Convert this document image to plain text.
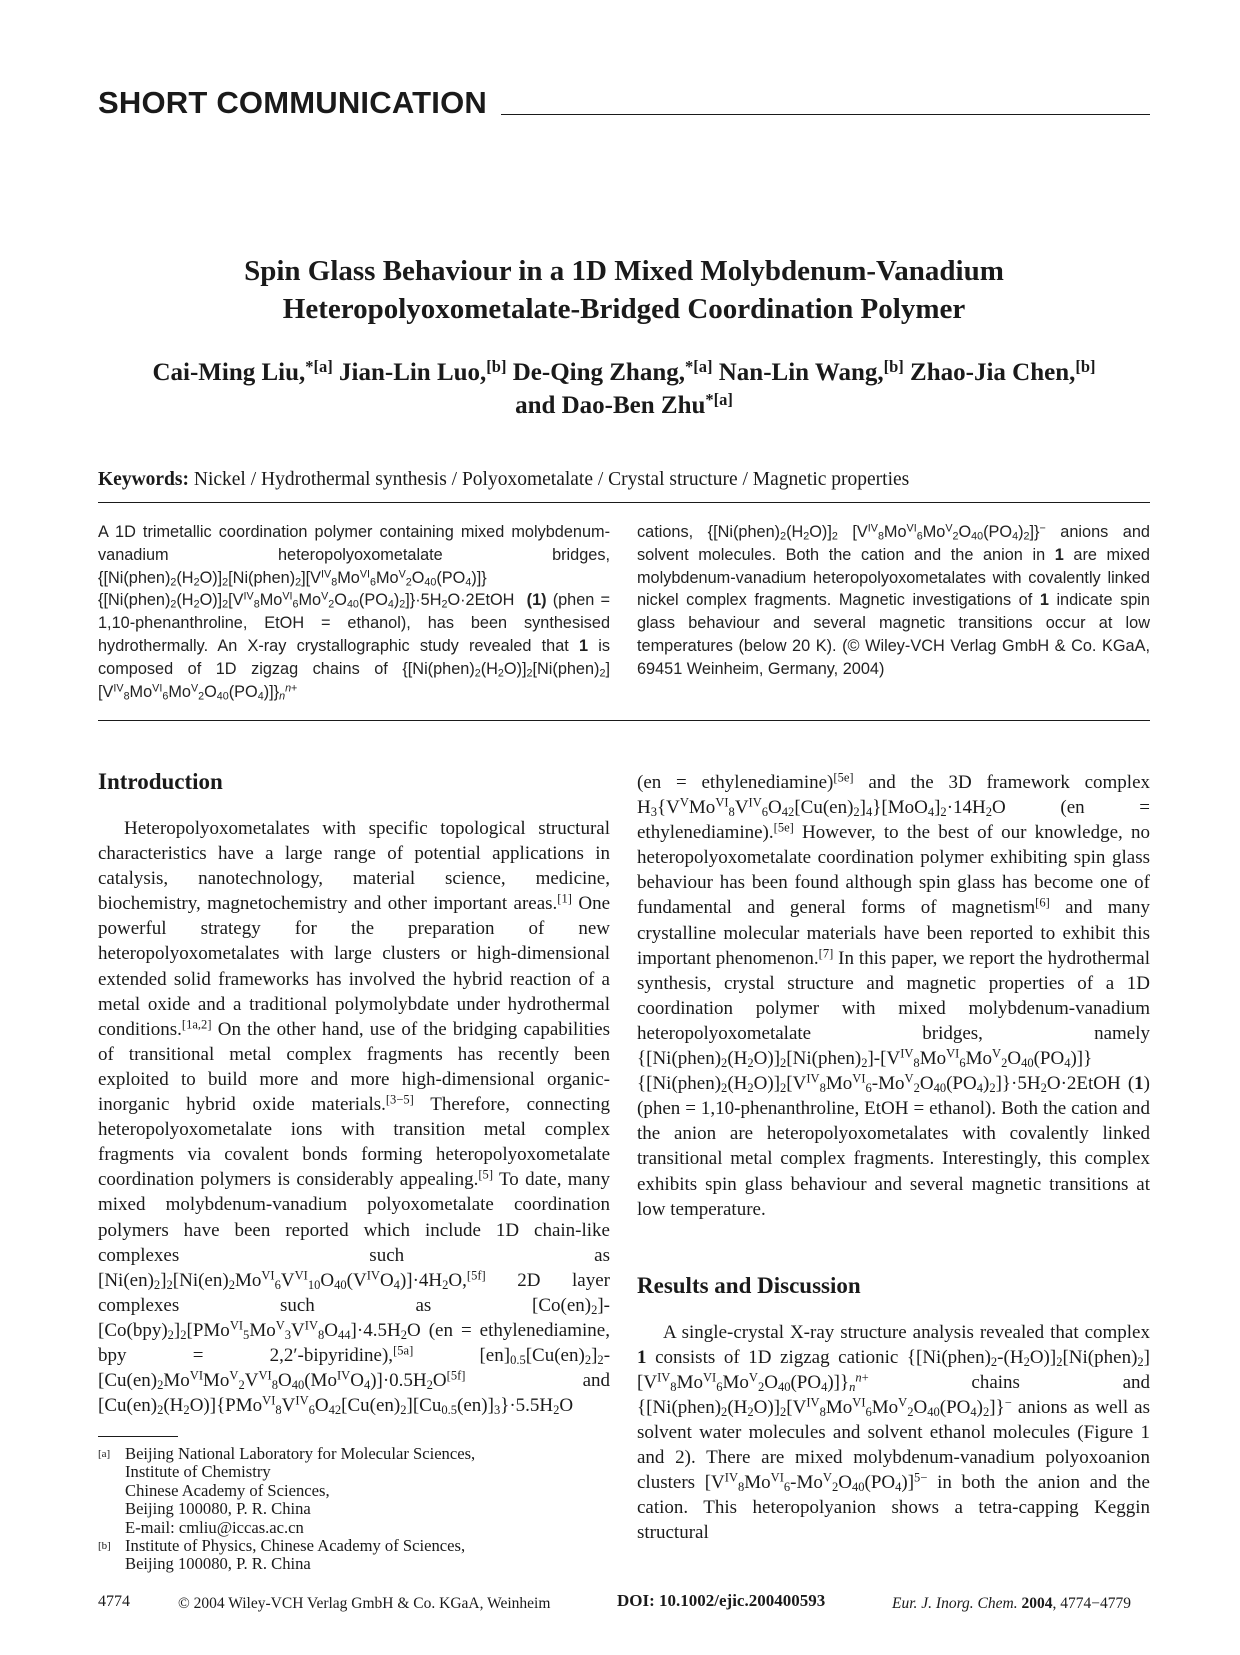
SHORT COMMUNICATION
Spin Glass Behaviour in a 1D Mixed Molybdenum-Vanadium
Heteropolyoxometalate-Bridged Coordination Polymer
Cai-Ming Liu,$^{*[a]}$ Jian-Lin Luo,[b] De-Qing Zhang,$^{*[a]}$ Nan-Lin Wang,[b] Zhao-Jia Chen,[b]
and Dao-Ben Zhu$^{*[a]}$
Keywords: Nickel / Hydrothermal synthesis / Polyoxometalate / Crystal structure / Magnetic properties

A 1D trimetallic coordination polymer containing mixed molybdenum-vanadium heteropolyoxometalate bridges, $\{[Ni(phen)_2(H_2O)]_2[Ni(phen)_2][V^{IV}_8Mo^{VI}_6Mo^V_2O_{40}(PO_4)]\}\{[Ni(phen)_2(H_2O)]_2[V^{IV}_8Mo^{VI}_6Mo^V_2O_{40}(PO_4)_2]\}\cdot 5H_2O\cdot 2EtOH$  (1) (phen = 1,10-phenanthroline, EtOH = ethanol), has been synthesised hydrothermally. An X-ray crystallographic study revealed that 1 is composed of 1D zigzag chains of $\{[Ni(phen)_2(H_2O)]_2[Ni(phen)_2][V^{IV}_8Mo^{VI}_6Mo^V_2O_{40}(PO_4)]\}_n^{n+}$

cations, {$[Ni(phen)_2(H_2O)]_2$ $[V^{IV}_8Mo^{VI}_6Mo^V_2O_{40}(PO_4)_2]\}^-$ anions and solvent molecules. Both the cation and the anion in 1 are mixed molybdenum-vanadium heteropolyoxometalates with covalently linked nickel complex fragments. Magnetic investigations of 1 indicate spin glass behaviour and several magnetic transitions occur at low temperatures (below 20 K). (© Wiley-VCH Verlag GmbH & Co. KGaA, 69451 Weinheim, Germany, 2004)

Introduction

Heteropolyoxometalates with specific topological structural characteristics have a large range of potential applications in catalysis, nanotechnology, material science, medicine, biochemistry, magnetochemistry and other important areas.[1] One powerful strategy for the preparation of new heteropolyoxometalates with large clusters or high-dimensional extended solid frameworks has involved the hybrid reaction of a metal oxide and a traditional polymolybdate under hydrothermal conditions.[1a,2] On the other hand, use of the bridging capabilities of transitional metal complex fragments has recently been exploited to build more and more high-dimensional organic-inorganic hybrid oxide materials.[3−5] Therefore, connecting heteropolyoxometalate ions with transition metal complex fragments via covalent bonds forming heteropolyoxometalate coordination polymers is considerably appealing.[5] To date, many mixed molybdenum-vanadium polyoxometalate coordination polymers have been reported which include 1D chain-like complexes such as $[Ni(en)_2]_2[Ni(en)_2Mo^{VI}_6V^{VI}_{10}O_{40}(V^{IV}O_4)]\cdot 4H_2O,[5f]$ 2D layer complexes such as $[Co(en)_2]-[Co(bpy)_2]_2[PMo^{VI}_5Mo^V_3V^{IV}_8O_{44}]\cdot 4.5H_2O$ (en = ethylenediamine, bpy = 2,2′-bipyridine),[5a] $[en]_{0.5}[Cu(en)_2]_2-[Cu(en)_2Mo^{VI}Mo^V_2V^{VI}_8O_{40}(Mo^{IV}O_4)]\cdot 0.5H_2O[5f]$	and $[Cu(en)_2(H_2O)]\{PMo^{VI}_8V^{IV}_6O_{42}[Cu(en)_2][Cu_{0.5}(en)]_3\}\cdot 5.5H_2O$

(en = ethylenediamine)[5e] and the 3D framework complex $H_3\{V^VMo^{VI}_8V^{IV}_6O_{42}[Cu(en)_2]_4\}[MoO_4]_2\cdot 14H_2O$ (en = ethylenediamine).[5e] However, to the best of our knowledge, no heteropolyoxometalate coordination polymer exhibiting spin glass behaviour has been found although spin glass has become one of fundamental and general forms of magnetism[6] and many crystalline molecular materials have been reported to exhibit this important phenomenon.[7] In this paper, we report the hydrothermal synthesis, crystal structure and magnetic properties of a 1D coordination polymer with mixed molybdenum-vanadium heteropolyoxometalate bridges, namely $\{[Ni(phen)_2(H_2O)]_2[Ni(phen)_2]-[V^{IV}_8Mo^{VI}_6Mo^V_2O_{40}(PO_4)]\}\{[Ni(phen)_2(H_2O)]_2[V^{IV}_8Mo^{VI}_6-Mo^V_2O_{40}(PO_4)_2]\}\cdot 5H_2O\cdot 2EtOH$ (1) (phen = 1,10-phenanthroline, EtOH = ethanol). Both the cation and the anion are heteropolyoxometalates with covalently linked transitional metal complex fragments. Interestingly, this complex exhibits spin glass behaviour and several magnetic transitions at low temperature.

Results and Discussion

A single-crystal X-ray structure analysis revealed that complex 1 consists of 1D zigzag cationic $\{[Ni(phen)_2-(H_2O)]_2[Ni(phen)_2][V^{IV}_8Mo^{VI}_6Mo^V_2O_{40}(PO_4)]\}_n^{n+}$	chains and $\{[Ni(phen)_2(H_2O)]_2[V^{IV}_8Mo^{VI}_6Mo^V_2O_{40}(PO_4)_2]\}^-$ anions as well as solvent water molecules and solvent ethanol molecules (Figure 1 and 2). There are mixed molybdenum-vanadium polyoxoanion clusters $[V^{IV}_8Mo^{VI}_6-Mo^V_2O_{40}(PO_4)]^{5-}$ in both the anion and the cation. This heteropolyanion shows a tetra-capping Keggin structural

[a] Beijing National Laboratory for Molecular Sciences,
Institute of Chemistry
Chinese Academy of Sciences,
Beijing 100080, P. R. China
E-mail: cmliu@iccas.ac.cn
[b] Institute of Physics, Chinese Academy of Sciences,
Beijing 100080, P. R. China
4774	© 2004 Wiley-VCH Verlag GmbH & Co. KGaA, Weinheim	DOI: 10.1002/ejic.200400593	Eur. J. Inorg. Chem. 2004, 4774−4779
